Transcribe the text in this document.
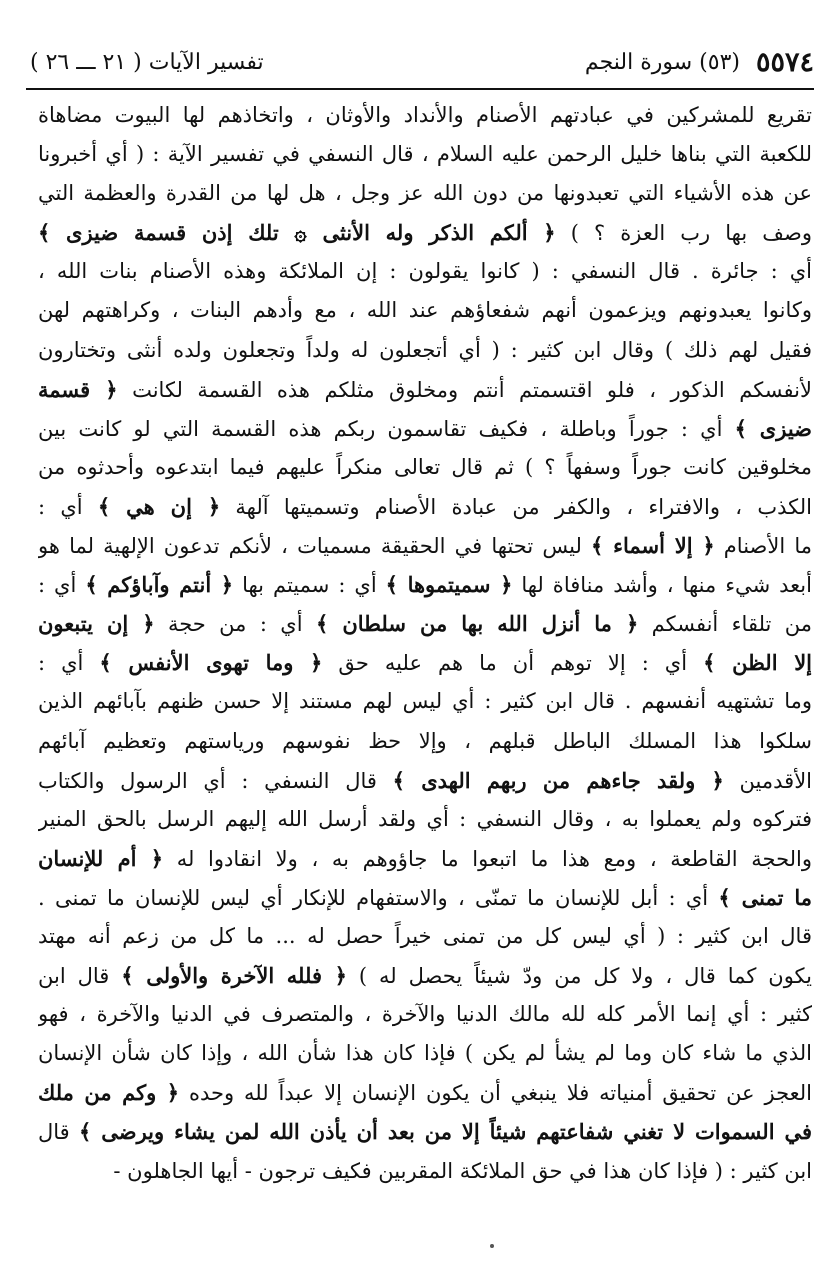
٥٥٧٤
(٥٣) سورة النجم
تفسير الآيات ( ٢١ ـــ ٢٦ )
تقريع للمشركين في عبادتهم الأصنام والأنداد والأوثان ، واتخاذهم لها البيوت مضاهاة
للكعبة التي بناها خليل الرحمن عليه السلام ، قال النسفي في تفسير الآية : ( أي أخبرونا
عن هذه الأشياء التي تعبدونها من دون الله عز وجل ، هل لها من القدرة والعظمة التي
وصف بها رب العزة ؟ ) ﴿ ألكم الذكر وله الأنثى ۞ تلك إذن قسمة ضيزى ﴾
أي : جائرة . قال النسفي : ( كانوا يقولون : إن الملائكة وهذه الأصنام بنات الله ،
وكانوا يعبدونهم ويزعمون أنهم شفعاؤهم عند الله ، مع وأدهم البنات ، وكراهتهم لهن
فقيل لهم ذلك ) وقال ابن كثير : ( أي أتجعلون له ولداً وتجعلون ولده أنثى وتختارون
لأنفسكم الذكور ، فلو اقتسمتم أنتم ومخلوق مثلكم هذه القسمة لكانت ﴿ قسمة
ضيزى ﴾ أي : جوراً وباطلة ، فكيف تقاسمون ربكم هذه القسمة التي لو كانت بين
مخلوقين كانت جوراً وسفهاً ؟ ) ثم قال تعالى منكراً عليهم فيما ابتدعوه وأحدثوه من
الكذب ، والافتراء ، والكفر من عبادة الأصنام وتسميتها آلهة ﴿ إن هي ﴾ أي :
ما الأصنام ﴿ إلا أسماء ﴾ ليس تحتها في الحقيقة مسميات ، لأنكم تدعون الإلهية لما هو
أبعد شيء منها ، وأشد منافاة لها ﴿ سميتموها ﴾ أي : سميتم بها ﴿ أنتم وآباؤكم ﴾ أي :
من تلقاء أنفسكم ﴿ ما أنزل الله بها من سلطان ﴾ أي : من حجة ﴿ إن يتبعون
إلا الظن ﴾ أي : إلا توهم أن ما هم عليه حق ﴿ وما تهوى الأنفس ﴾ أي :
وما تشتهيه أنفسهم . قال ابن كثير : أي ليس لهم مستند إلا حسن ظنهم بآبائهم الذين
سلكوا هذا المسلك الباطل قبلهم ، وإلا حظ نفوسهم ورياستهم وتعظيم آبائهم
الأقدمين ﴿ ولقد جاءهم من ربهم الهدى ﴾ قال النسفي : أي الرسول والكتاب
فتركوه ولم يعملوا به ، وقال النسفي : أي ولقد أرسل الله إليهم الرسل بالحق المنير
والحجة القاطعة ، ومع هذا ما اتبعوا ما جاؤوهم به ، ولا انقادوا له ﴿ أم للإنسان
ما تمنى ﴾ أي : أبل للإنسان ما تمنّى ، والاستفهام للإنكار أي ليس للإنسان ما تمنى .
قال ابن كثير : ( أي ليس كل من تمنى خيراً حصل له ... ما كل من زعم أنه مهتد
يكون كما قال ، ولا كل من ودّ شيئاً يحصل له ) ﴿ فلله الآخرة والأولى ﴾ قال ابن
كثير : أي إنما الأمر كله لله مالك الدنيا والآخرة ، والمتصرف في الدنيا والآخرة ، فهو
الذي ما شاء كان وما لم يشأ لم يكن ) فإذا كان هذا شأن الله ، وإذا كان شأن الإنسان
العجز عن تحقيق أمنياته فلا ينبغي أن يكون الإنسان إلا عبداً لله وحده ﴿ وكم من ملك
في السموات لا تغني شفاعتهم شيئاً إلا من بعد أن يأذن الله لمن يشاء ويرضى ﴾ قال
ابن كثير : ( فإذا كان هذا في حق الملائكة المقربين فكيف ترجون - أيها الجاهلون -
